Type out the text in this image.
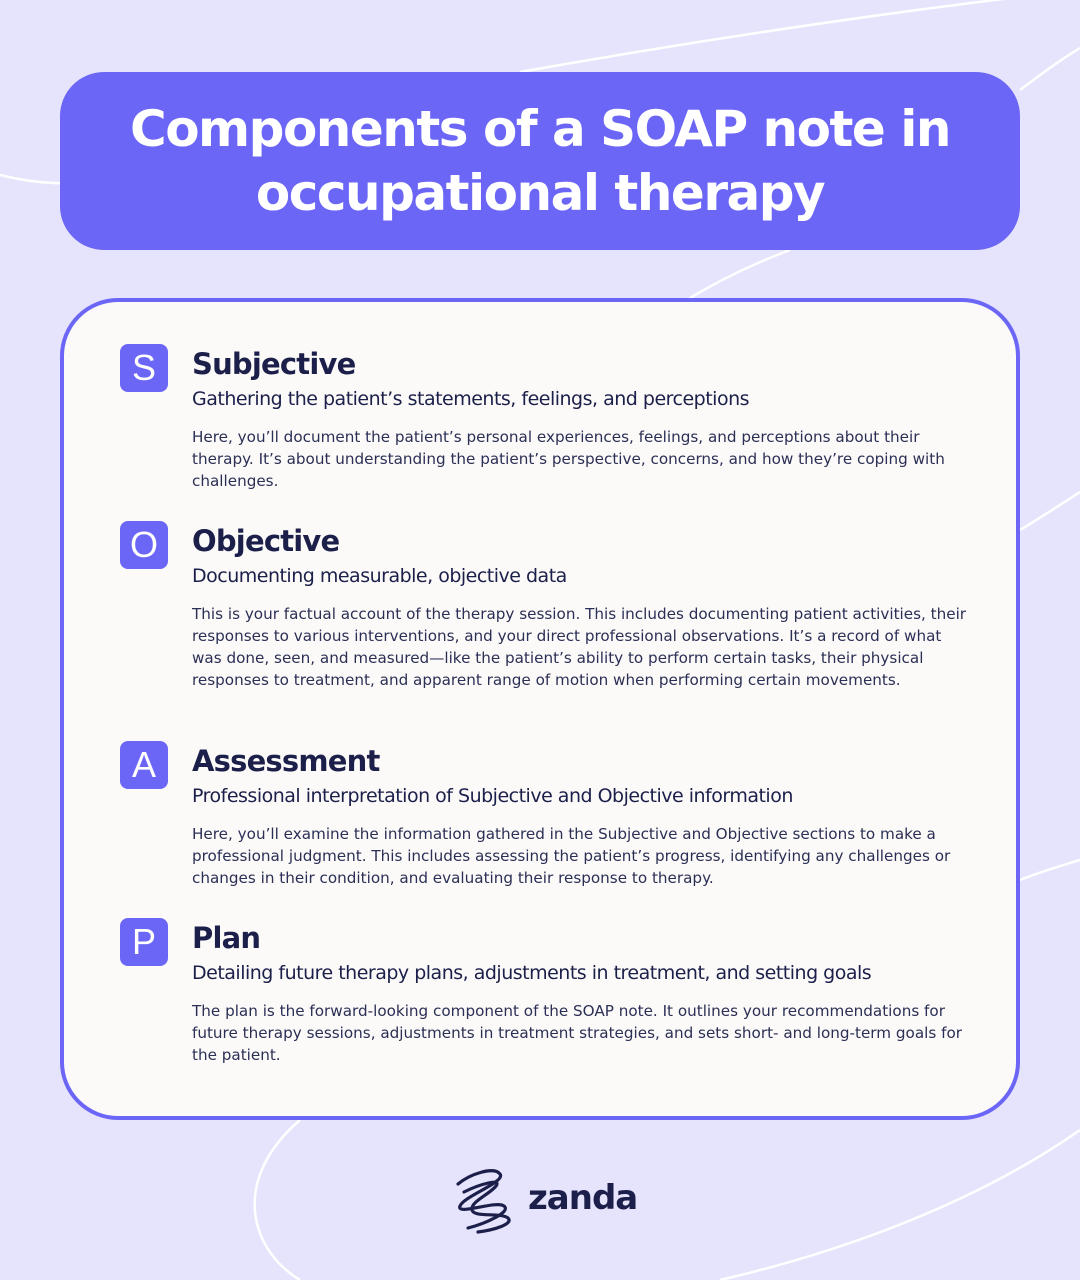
Components of a SOAP note in occupational therapy
S	Subjective

Gathering the patient’s statements, feelings, and perceptions

Here, you’ll document the patient’s personal experiences, feelings, and perceptions about their therapy. It’s about understanding the patient’s perspective, concerns, and how they’re coping with challenges.

O	Objective

Documenting measurable, objective data

This is your factual account of the therapy session. This includes documenting patient activities, their responses to various interventions, and your direct professional observations. It’s a record of what was done, seen, and measured—like the patient’s ability to perform certain tasks, their physical responses to treatment, and apparent range of motion when performing certain movements.

A	Assessment

Professional interpretation of Subjective and Objective information

Here, you’ll examine the information gathered in the Subjective and Objective sections to make a professional judgment. This includes assessing the patient’s progress, identifying any challenges or changes in their condition, and evaluating their response to therapy.

P	Plan

Detailing future therapy plans, adjustments in treatment, and setting goals

The plan is the forward-looking component of the SOAP note. It outlines your recommendations for future therapy sessions, adjustments in treatment strategies, and sets short- and long-term goals for the patient.

zanda
